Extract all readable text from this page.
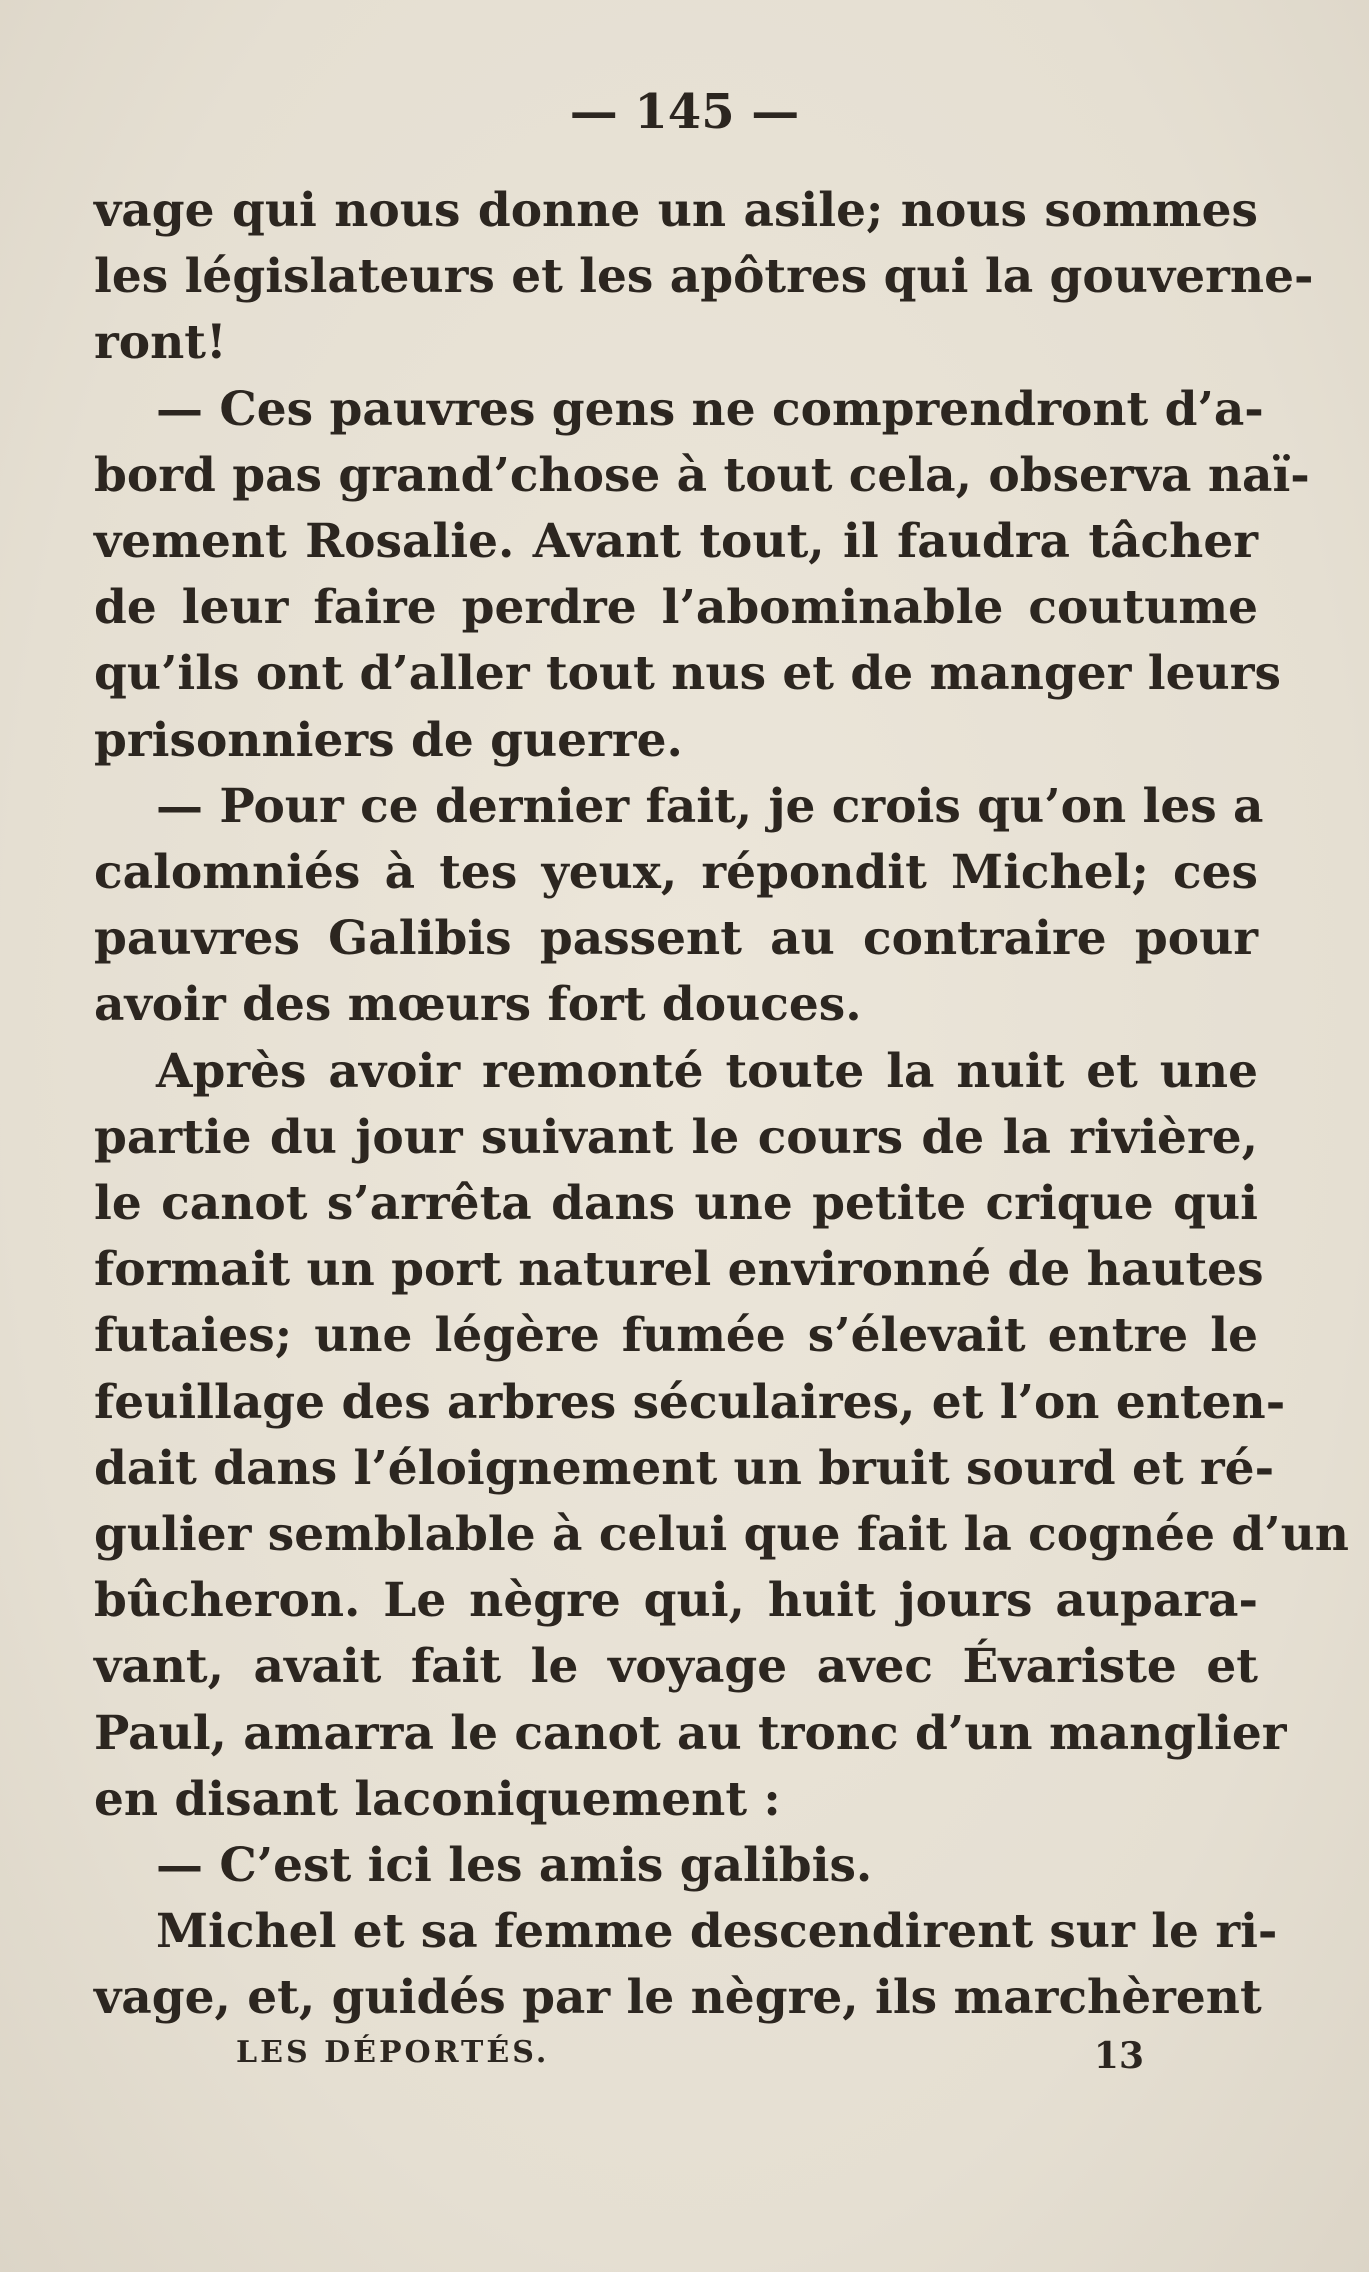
— 145 —
vage qui nous donne un asile; nous sommes
les législateurs et les apôtres qui la gouverne-
ront!
— Ces pauvres gens ne comprendront d’a-
bord pas grand’chose à tout cela, observa naï-
vement Rosalie. Avant tout, il faudra tâcher
de leur faire perdre l’abominable coutume
qu’ils ont d’aller tout nus et de manger leurs
prisonniers de guerre.
— Pour ce dernier fait, je crois qu’on les a
calomniés à tes yeux, répondit Michel; ces
pauvres Galibis passent au contraire pour
avoir des mœurs fort douces.
Après avoir remonté toute la nuit et une
partie du jour suivant le cours de la rivière,
le canot s’arrêta dans une petite crique qui
formait un port naturel environné de hautes
futaies; une légère fumée s’élevait entre le
feuillage des arbres séculaires, et l’on enten-
dait dans l’éloignement un bruit sourd et ré-
gulier semblable à celui que fait la cognée d’un
bûcheron. Le nègre qui, huit jours aupara-
vant, avait fait le voyage avec Évariste et
Paul, amarra le canot au tronc d’un manglier
en disant laconiquement :
— C’est ici les amis galibis.
Michel et sa femme descendirent sur le ri-
vage, et, guidés par le nègre, ils marchèrent
LES DÉPORTÉS.	13
